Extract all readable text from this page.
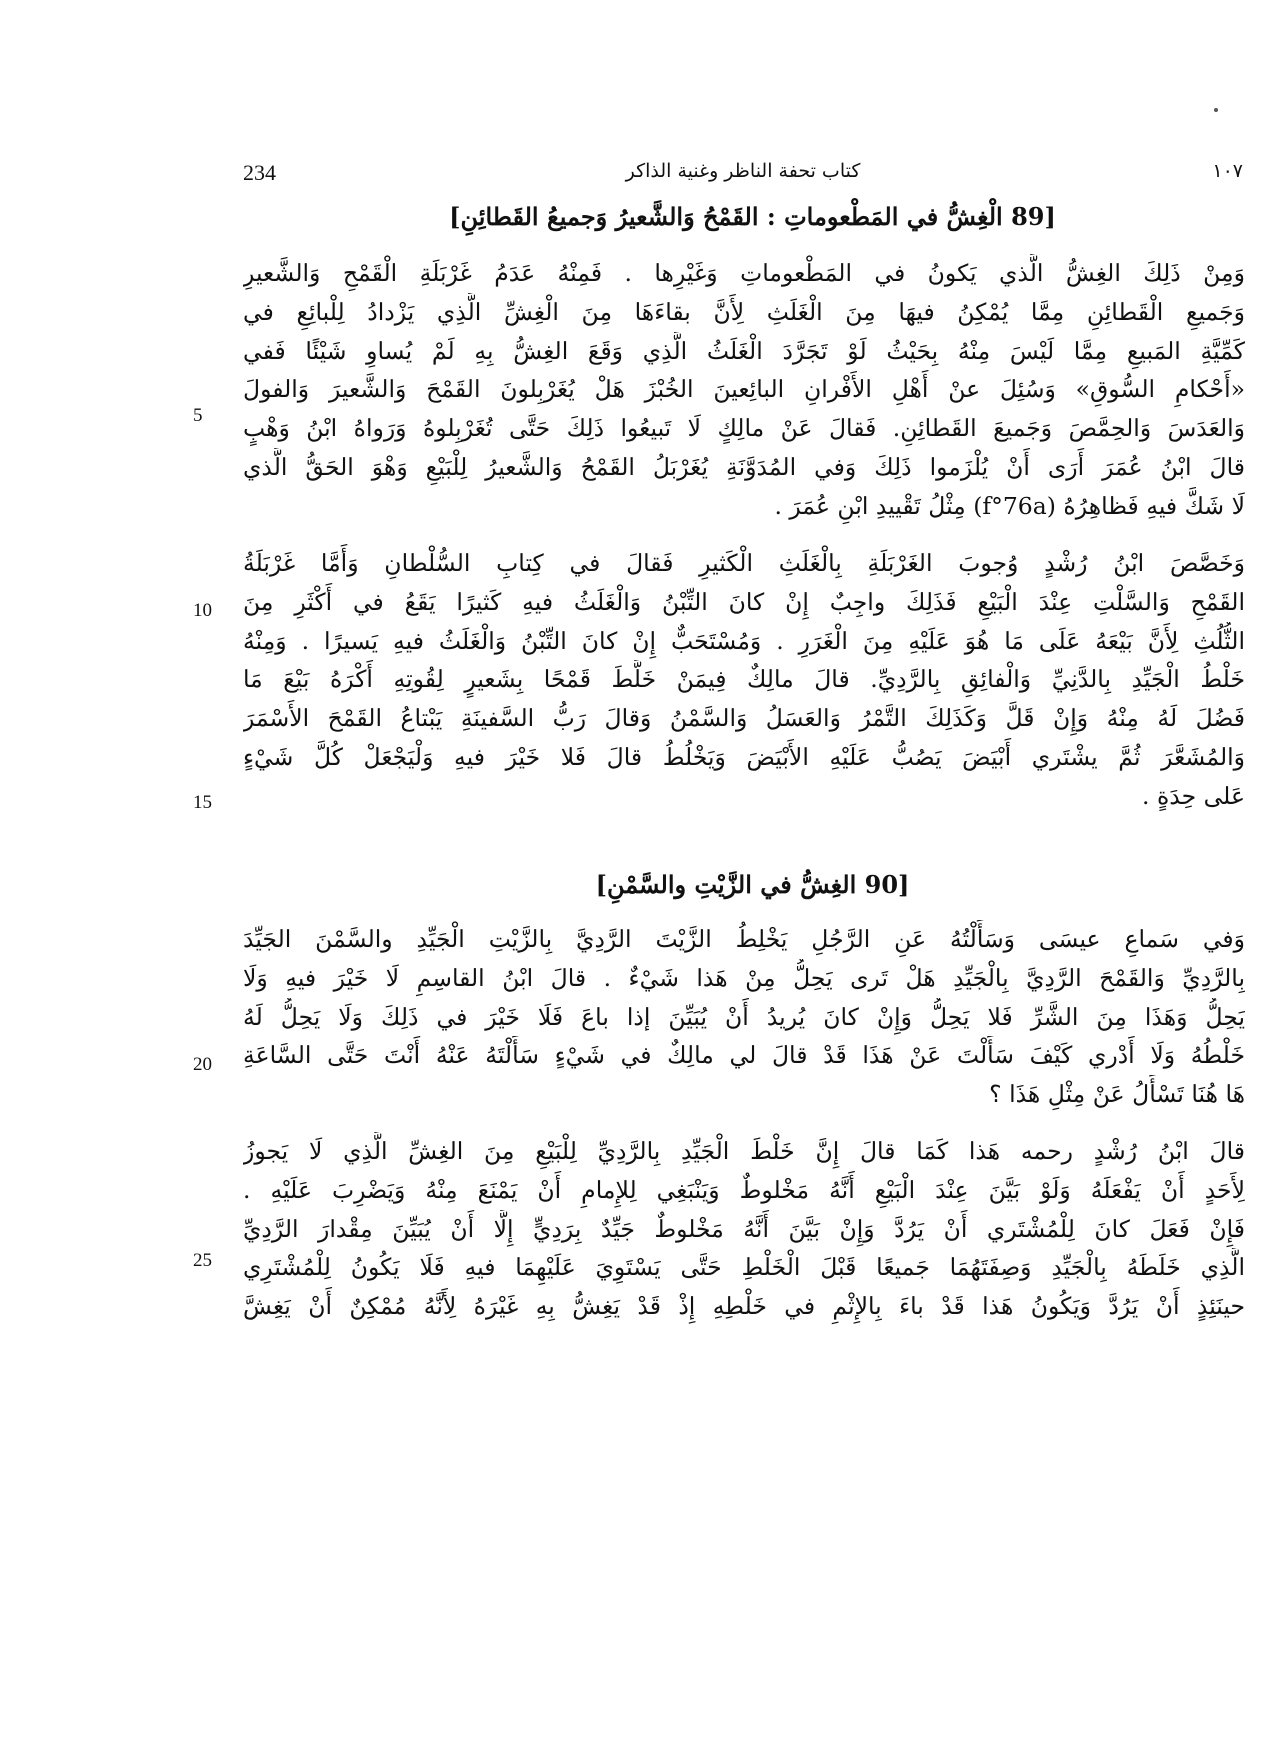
234	كتاب تحفة الناظر وغنية الذاكر	١٠٧
[89 الْغِشُّ في المَطْعوماتِ : القَمْحُ وَالشَّعيرُ وَجميعُ القَطائِنِ]
وَمِنْ ذَلِكَ الغِشُّ الَّذي يَكونُ في المَطْعوماتِ وَغَيْرِها . فَمِنْهُ عَدَمُ غَرْبَلَةِ الْقَمْحِ وَالشَّعيرِ
وَجَميعِ الْقَطائِنِ مِمَّا يُمْكِنُ فيهَا مِنَ الْغَلَثِ لِأَنَّ بقاءَهَا مِنَ الْغِشِّ الَّذِي يَزْدادُ لِلْبائِعِ في
كَمِّيَّةِ المَبيعِ مِمَّا لَيْسَ مِنْهُ بِحَيْثُ لَوْ تَجَرَّدَ الْغَلَثُ الَّذِي وَقَعَ الغِشُّ بِهِ لَمْ يُساوِ شَيْئًا فَفي
«أَحْكامِ السُّوقِ» وَسُئِلَ عنْ أَهْلِ الأَفْرانِ البائِعينَ الخُبْزَ هَلْ يُغَرْبِلونَ القَمْحَ وَالشَّعيرَ وَالفولَ
وَالعَدَسَ وَالحِمَّصَ وَجَميعَ القَطائِنِ. فَقالَ عَنْ مالِكٍ لَا تَبيعُوا ذَلِكَ حَتَّى تُغَرْبِلوهُ وَرَواهُ ابْنُ وَهْبٍ
قالَ ابْنُ عُمَرَ أَرَى أَنْ يُلْزَموا ذَلِكَ وَفي المُدَوَّنَةِ يُغَرْبَلُ القَمْحُ وَالشَّعيرُ لِلْبَيْعِ وَهْوَ الحَقُّ الَّذي
لَا شَكَّ فيهِ فَظاهِرُهُ (f°76a) مِثْلُ تَقْييدِ ابْنِ عُمَرَ .
وَخَصَّصَ ابْنُ رُشْدٍ وُجوبَ الغَرْبَلَةِ بِالْغَلَثِ الْكَثيرِ فَقالَ في كِتابِ السُّلْطانِ وَأَمَّا غَرْبَلَةُ
القَمْحِ وَالسَّلْتِ عِنْدَ الْبَيْعِ فَذَلِكَ واجِبٌ إِنْ كانَ التِّبْنُ وَالْغَلَثُ فيهِ كَثيرًا يَقَعُ في أَكْثَرِ مِنَ
الثُّلُثِ لِأَنَّ بَيْعَهُ عَلَى مَا هُوَ عَلَيْهِ مِنَ الْغَرَرِ . وَمُسْتَحَبٌّ إِنْ كانَ التِّبْنُ وَالْغَلَثُ فيهِ يَسيرًا . وَمِنْهُ
خَلْطُ الْجَيِّدِ بِالدَّنِيِّ وَالْفائِقِ بِالرَّدِيِّ. قالَ مالِكٌ فِيمَنْ خَلَّطَ قَمْحًا بِشَعيرٍ لِقُوتِهِ أَكْرَهُ بَيْعَ مَا
فَضُلَ لَهُ مِنْهُ وَإِنْ قَلَّ وَكَذَلِكَ التَّمْرُ وَالعَسَلُ وَالسَّمْنُ وَقالَ رَبُّ السَّفينَةِ يَبْتاعُ القَمْحَ الأَسْمَرَ
وَالمُشَعَّرَ ثُمَّ يشْتَري أَبْيَضَ يَصُبُّ عَلَيْهِ الأَبْيَضَ وَيَخْلُطُ قالَ فَلا خَيْرَ فيهِ وَلْيَجْعَلْ كُلَّ شَيْءٍ
عَلى حِدَةٍ .
[90 الغِشُّ في الزَّيْتِ والسَّمْنِ]
وَفي سَماعِ عيسَى وَسَأَلْتُهُ عَنِ الرَّجُلِ يَخْلِطُ الزَّيْتَ الرَّدِيَّ بِالزَّيْتِ الْجَيِّدِ والسَّمْنَ الجَيِّدَ
بِالرَّدِيِّ وَالقَمْحَ الرَّدِيَّ بِالْجَيِّدِ هَلْ تَرى يَحِلُّ مِنْ هَذا شَيْءٌ . قالَ ابْنُ القاسِمِ لَا خَيْرَ فيهِ وَلَا
يَحِلُّ وَهَذَا مِنَ الشَّرِّ فَلا يَحِلُّ وَإِنْ كانَ يُريدُ أَنْ يُبَيِّنَ إذا باعَ فَلَا خَيْرَ في ذَلِكَ وَلَا يَحِلُّ لَهُ
خَلْطُهُ وَلَا أَدْري كَيْفَ سَأَلْتَ عَنْ هَذَا قَدْ قالَ لي مالِكٌ في شَيْءٍ سَأَلْتَهُ عَنْهُ أَنْتَ حَتَّى السَّاعَةِ
هَا هُنَا تَسْأَلُ عَنْ مِثْلِ هَذَا ؟
قالَ ابْنُ رُشْدٍ رحمه هَذا كَمَا قالَ إِنَّ خَلْطَ الْجَيِّدِ بِالرَّدِيِّ لِلْبَيْعِ مِنَ الغِشِّ الَّذِي لَا يَجوزُ
لِأَحَدٍ أَنْ يَفْعَلَهُ وَلَوْ بَيَّنَ عِنْدَ الْبَيْعِ أَنَّهُ مَخْلوطٌ وَيَنْبَغِي لِلإِمامِ أَنْ يَمْنَعَ مِنْهُ وَيَضْرِبَ عَلَيْهِ .
فَإِنْ فَعَلَ كانَ لِلْمُشْتَري أَنْ يَرُدَّ وَإِنْ بَيَّنَ أَنَّهُ مَخْلوطٌ جَيِّدٌ بِرَدِيٍّ إِلَّا أَنْ يُبَيِّنَ مِقْدارَ الرَّدِيِّ
الَّذِي خَلَطَهُ بِالْجَيِّدِ وَصِفَتَهُمَا جَميعًا قَبْلَ الْخَلْطِ حَتَّى يَسْتَوِيَ عَلَيْهِمَا فيهِ فَلَا يَكُونُ لِلْمُشْتَرِي
حينَئِذٍ أَنْ يَرُدَّ وَيَكُونُ هَذا قَدْ باءَ بِالإِثْمِ في خَلْطِهِ إِذْ قَدْ يَغِشُّ بِهِ غَيْرَهُ لِأَنَّهُ مُمْكِنٌ أَنْ يَغِشَّ
5
10
15
20
25
